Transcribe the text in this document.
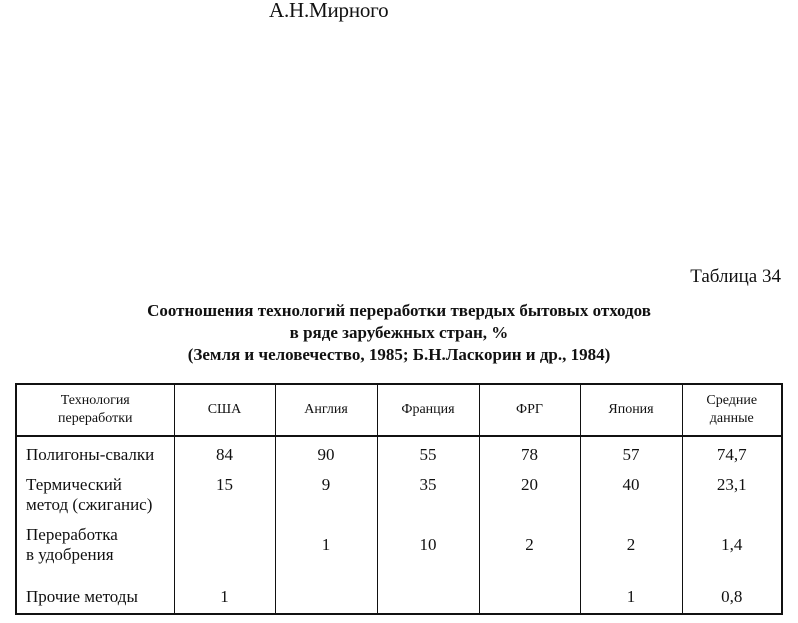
А.Н.Мирного
Таблица 34
Соотношения технологий переработки твердых бытовых отходов
в ряде зарубежных стран, %
(Земля и человечество, 1985; Б.Н.Ласкорин и др., 1984)
Технология
переработки	США	Англия	Франция	ФРГ	Япония	Средние
данные
Полигоны-свалки	84	90	55	78	57	74,7
Термический
метод (сжиганис)	15	9	35	20	40	23,1
Переработка
в удобрения		1	10	2	2	1,4
Прочие методы	1				1	0,8
